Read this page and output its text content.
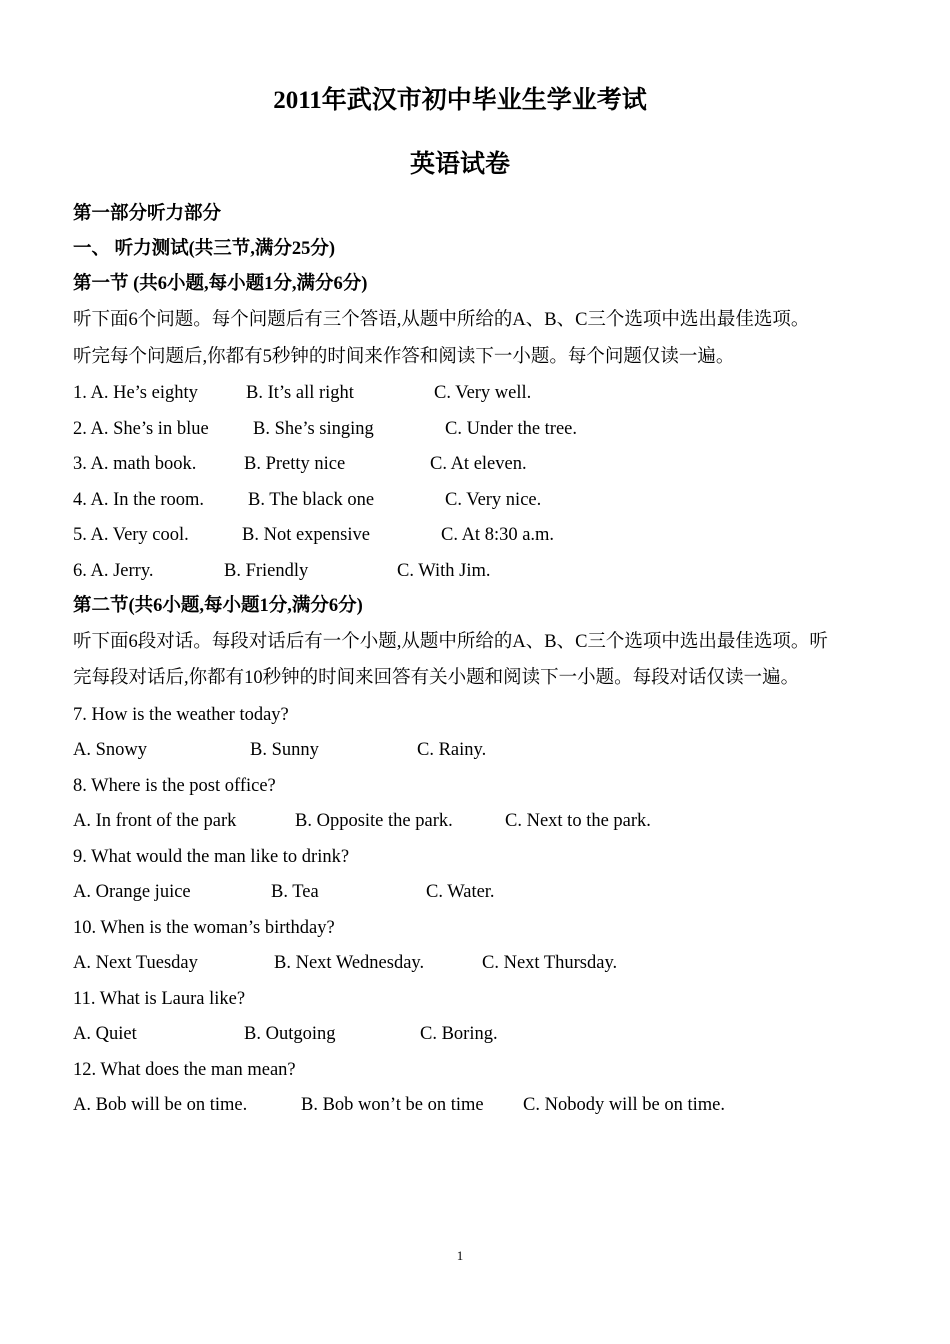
2011年武汉市初中毕业生学业考试
英语试卷
第一部分听力部分
一、 听力测试(共三节,满分25分)
第一节 (共6小题,每小题1分,满分6分)
听下面6个问题。每个问题后有三个答语,从题中所给的A、B、C三个选项中选出最佳选项。
听完每个问题后,你都有5秒钟的时间来作答和阅读下一小题。每个问题仅读一遍。
1. A. He’s eighty	B. It’s all right	C. Very well.
2. A. She’s in blue B. She’s singing	C. Under the tree.
3. A. math book.	B. Pretty nice	C. At eleven.
4. A. In the room. B. The black one	C. Very nice.
5. A. Very cool.	B. Not expensive	C. At 8:30 a.m.
6. A. Jerry.	B. Friendly	C. With Jim.
第二节(共6小题,每小题1分,满分6分)
听下面6段对话。每段对话后有一个小题,从题中所给的A、B、C三个选项中选出最佳选项。听
完每段对话后,你都有10秒钟的时间来回答有关小题和阅读下一小题。每段对话仅读一遍。
7. How is the weather today?
A. Snowy	B. Sunny	C. Rainy.
8. Where is the post office?
A. In front of the park	B. Opposite the park.	C. Next to the park.
9. What would the man like to drink?
A. Orange juice	B. Tea	C. Water.
10. When is the woman’s birthday?
A. Next Tuesday	B. Next Wednesday.	C. Next Thursday.
11. What is Laura like?
A. Quiet	B. Outgoing	C. Boring.
12. What does the man mean?
A. Bob will be on time.	B. Bob won’t be on time C. Nobody will be on time.
1
